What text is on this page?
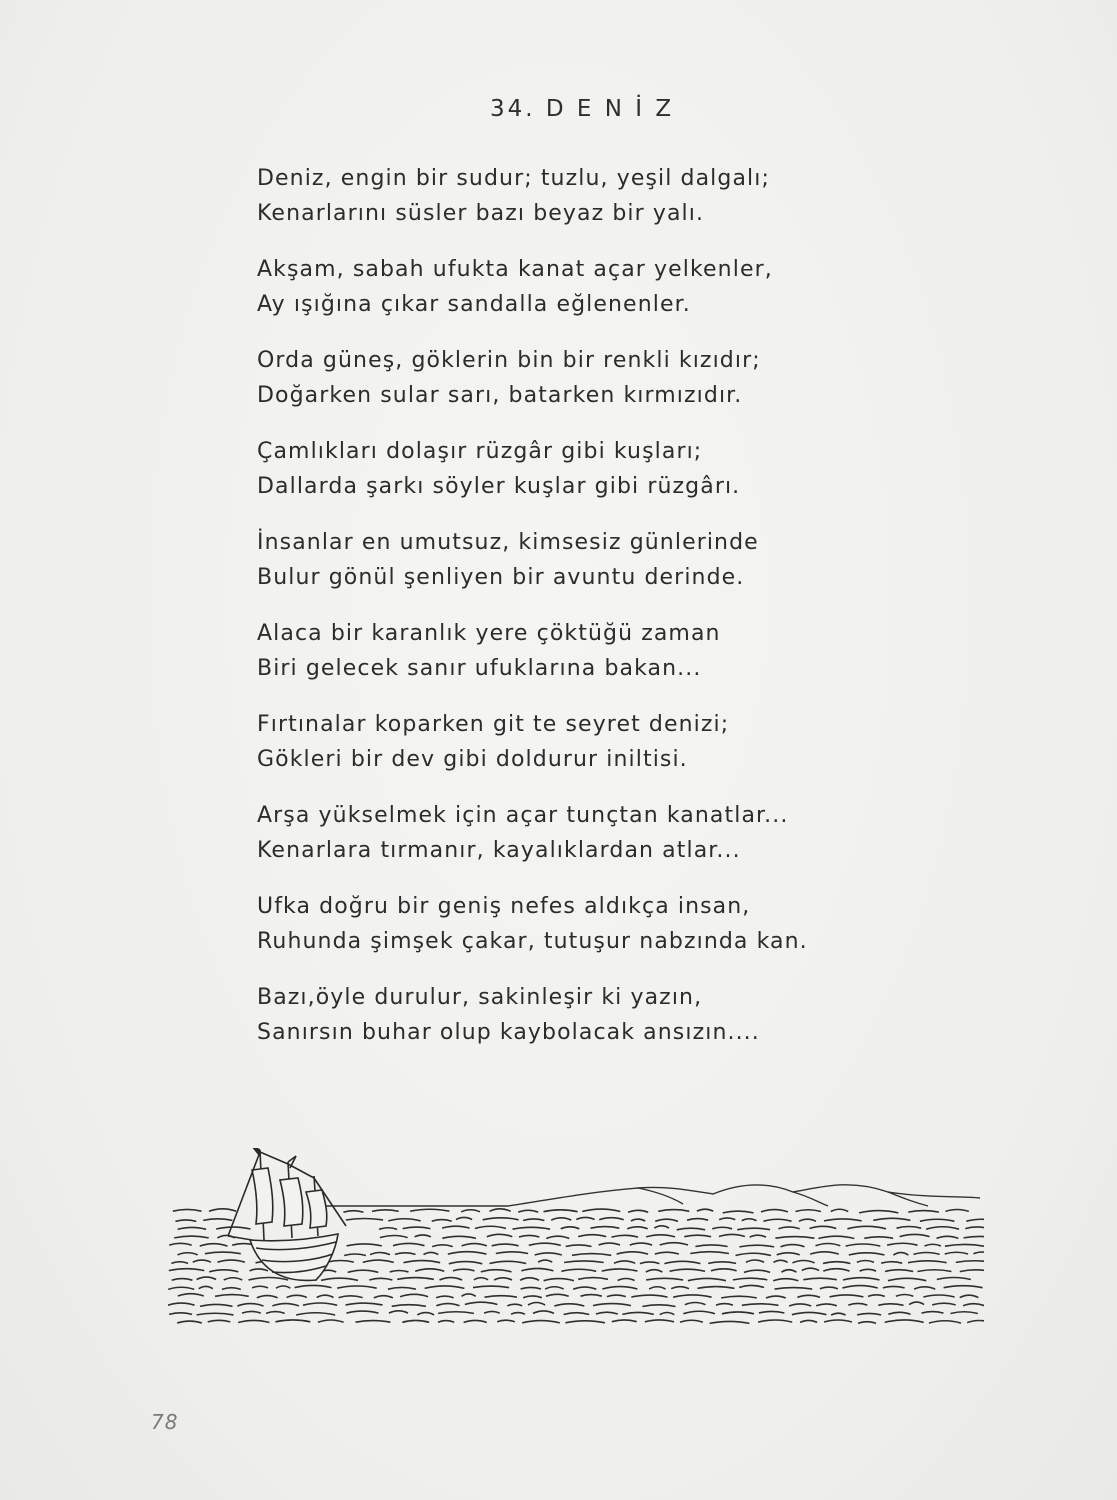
34. D E N İ Z
Deniz, engin bir sudur; tuzlu, yeşil dalgalı;
Kenarlarını süsler bazı beyaz bir yalı.
Akşam, sabah ufukta kanat açar yelkenler,
Ay ışığına çıkar sandalla eğlenenler.
Orda güneş, göklerin bin bir renkli kızıdır;
Doğarken sular sarı, batarken kırmızıdır.
Çamlıkları dolaşır rüzgâr gibi kuşları;
Dallarda şarkı söyler kuşlar gibi rüzgârı.
İnsanlar en umutsuz, kimsesiz günlerinde
Bulur gönül şenliyen bir avuntu derinde.
Alaca bir karanlık yere çöktüğü zaman
Biri gelecek sanır ufuklarına bakan...
Fırtınalar koparken git te seyret denizi;
Gökleri bir dev gibi doldurur iniltisi.
Arşa yükselmek için açar tunçtan kanatlar...
Kenarlara tırmanır, kayalıklardan atlar...
Ufka doğru bir geniş nefes aldıkça insan,
Ruhunda şimşek çakar, tutuşur nabzında kan.
Bazı,öyle durulur, sakinleşir ki yazın,
Sanırsın buhar olup kaybolacak ansızın....
78
